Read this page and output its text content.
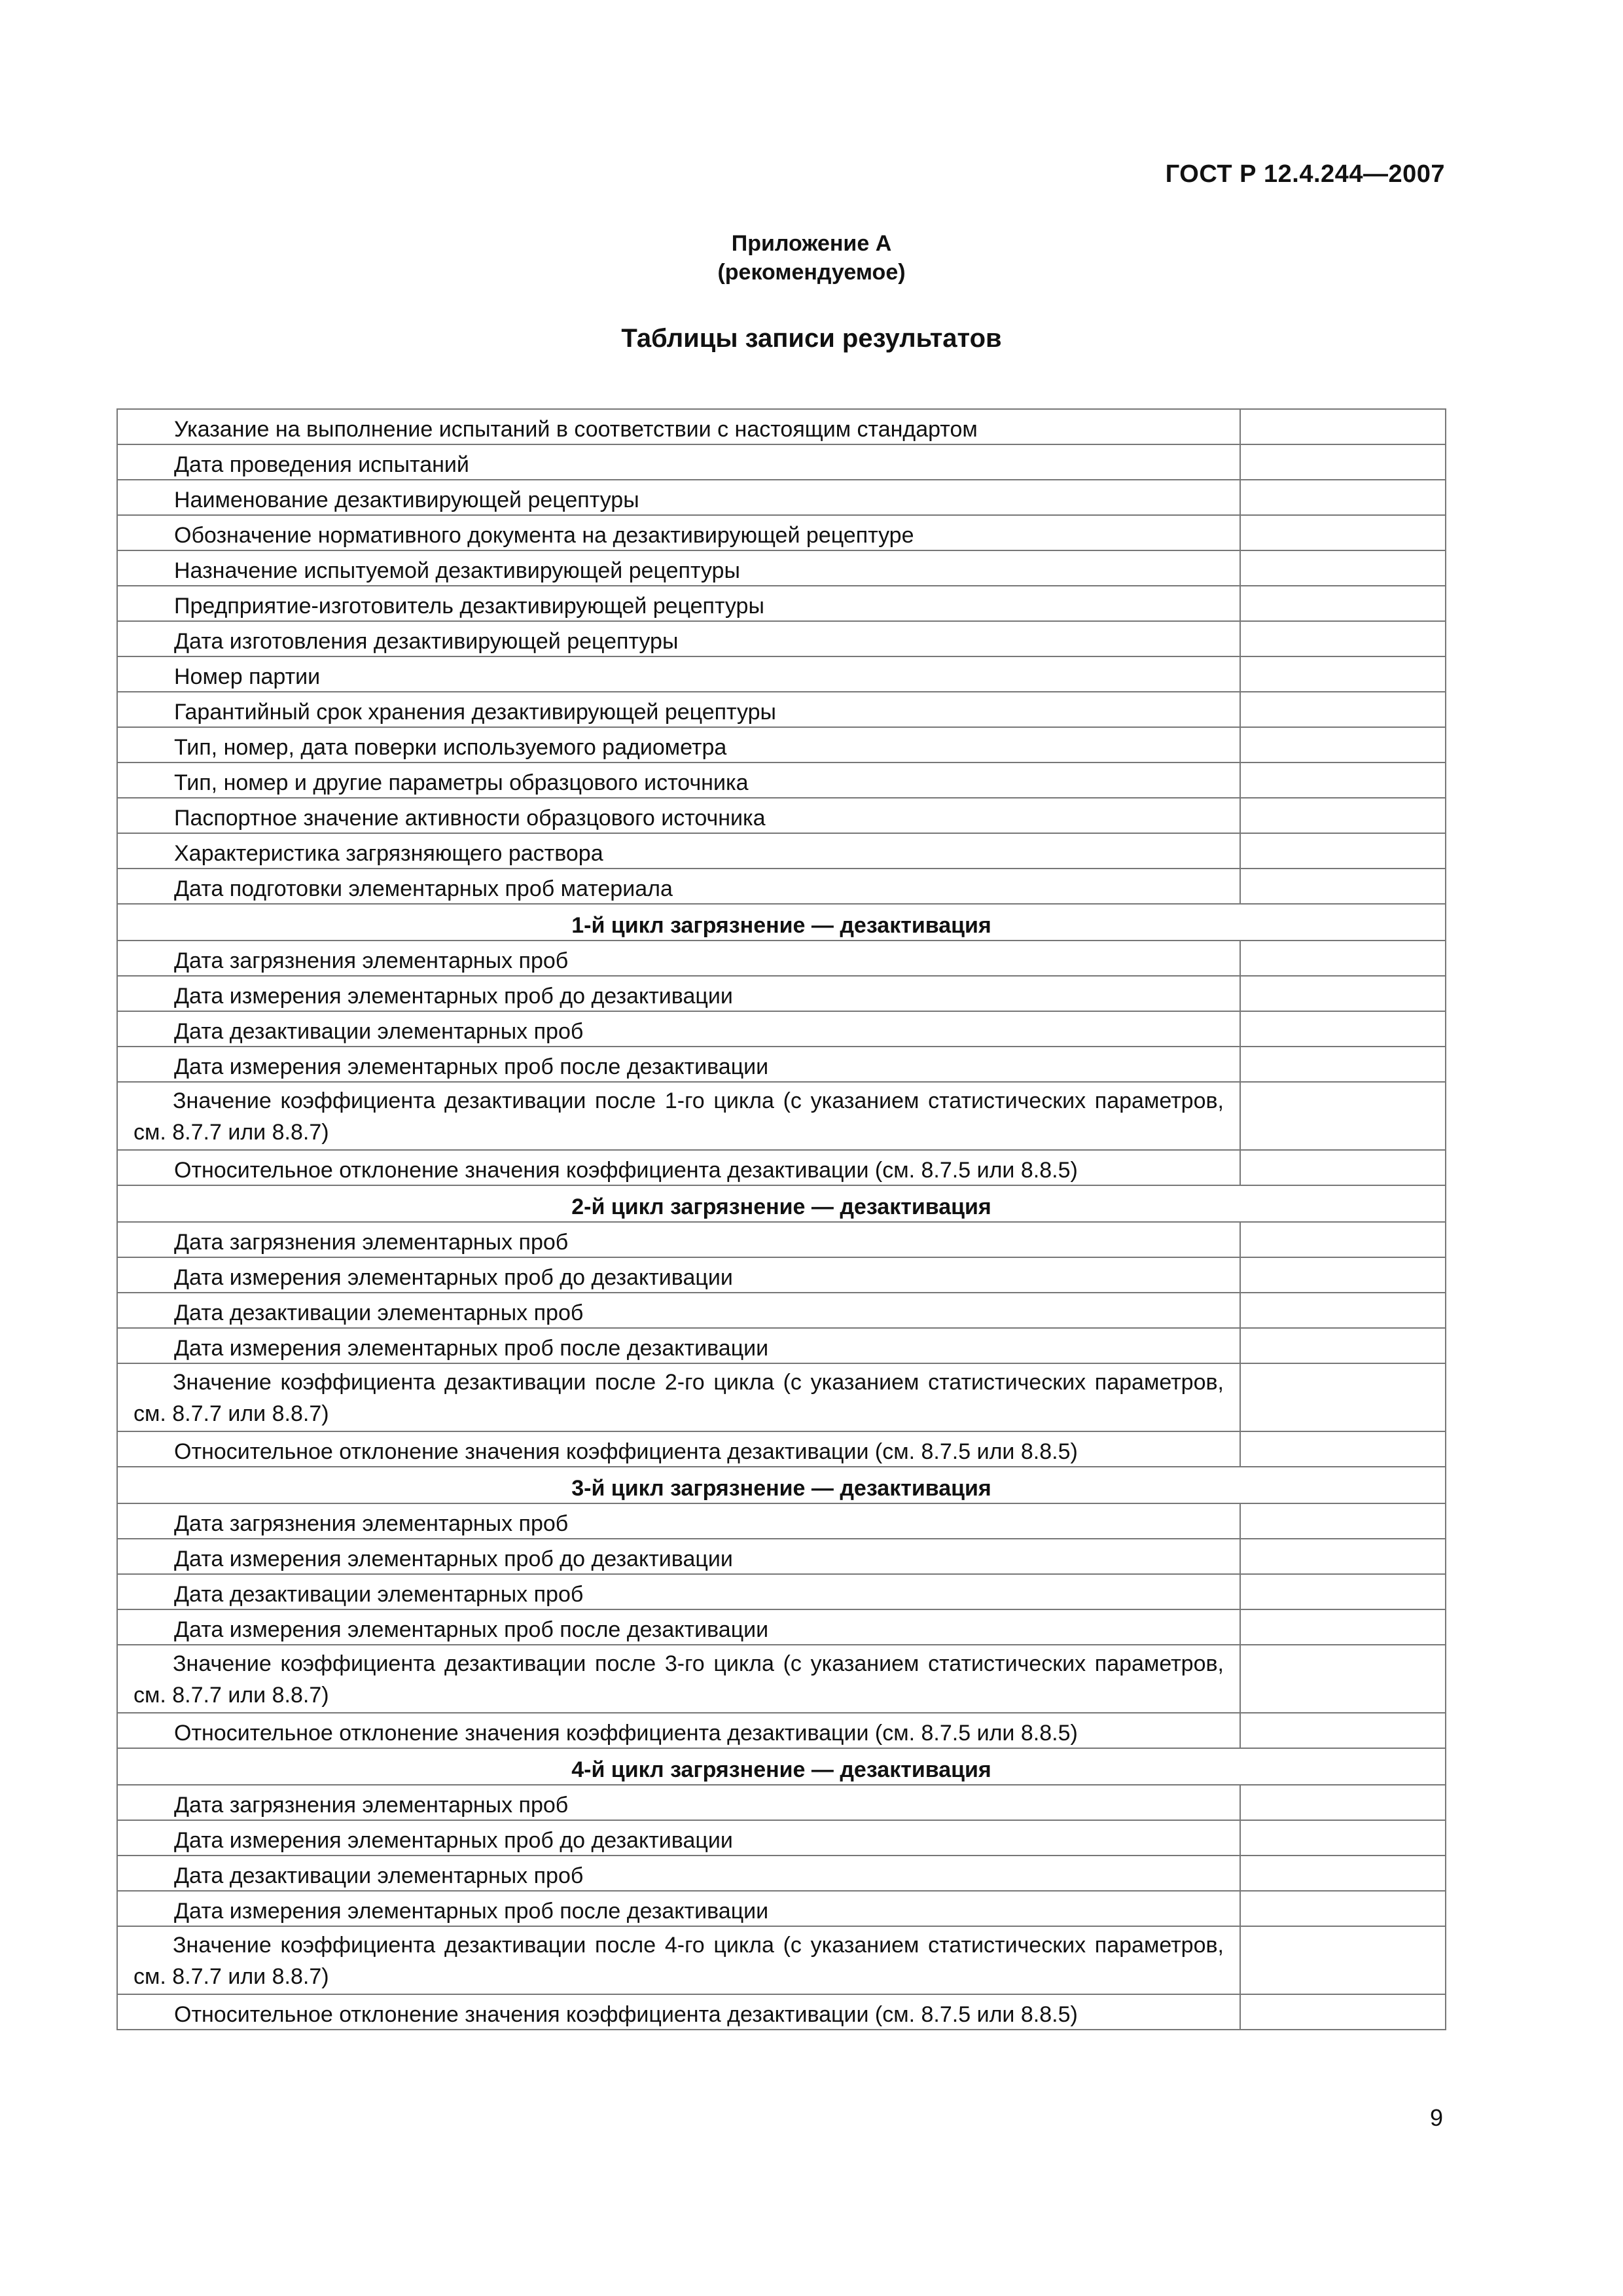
ГОСТ Р 12.4.244—2007
Приложение А
(рекомендуемое)
Таблицы записи результатов
Указание на выполнение испытаний в соответствии с настоящим стандартом	
Дата проведения испытаний	
Наименование дезактивирующей рецептуры	
Обозначение нормативного документа на дезактивирующей рецептуре	
Назначение испытуемой дезактивирующей рецептуры	
Предприятие-изготовитель дезактивирующей рецептуры	
Дата изготовления дезактивирующей рецептуры	
Номер партии	
Гарантийный срок хранения дезактивирующей рецептуры	
Тип, номер, дата поверки используемого радиометра	
Тип, номер и другие параметры образцового источника	
Паспортное значение активности образцового источника	
Характеристика загрязняющего раствора	
Дата подготовки элементарных проб материала	
1-й цикл загрязнение — дезактивация	
Дата загрязнения элементарных проб	
Дата измерения элементарных проб до дезактивации	
Дата дезактивации элементарных проб	
Дата измерения элементарных проб после дезактивации	
Значение коэффициента дезактивации после 1-го цикла (с указанием статистических параметров, см. 8.7.7 или 8.8.7)	
Относительное отклонение значения коэффициента дезактивации (см. 8.7.5 или 8.8.5)	
2-й цикл загрязнение — дезактивация	
Дата загрязнения элементарных проб	
Дата измерения элементарных проб до дезактивации	
Дата дезактивации элементарных проб	
Дата измерения элементарных проб после дезактивации	
Значение коэффициента дезактивации после 2-го цикла (с указанием статистических параметров, см. 8.7.7 или 8.8.7)	
Относительное отклонение значения коэффициента дезактивации (см. 8.7.5 или 8.8.5)	
3-й цикл загрязнение — дезактивация	
Дата загрязнения элементарных проб	
Дата измерения элементарных проб до дезактивации	
Дата дезактивации элементарных проб	
Дата измерения элементарных проб после дезактивации	
Значение коэффициента дезактивации после 3-го цикла (с указанием статистических параметров, см. 8.7.7 или 8.8.7)	
Относительное отклонение значения коэффициента дезактивации (см. 8.7.5 или 8.8.5)	
4-й цикл загрязнение — дезактивация	
Дата загрязнения элементарных проб	
Дата измерения элементарных проб до дезактивации	
Дата дезактивации элементарных проб	
Дата измерения элементарных проб после дезактивации	
Значение коэффициента дезактивации после 4-го цикла (с указанием статистических параметров, см. 8.7.7 или 8.8.7)	
Относительное отклонение значения коэффициента дезактивации (см. 8.7.5 или 8.8.5)	
9
